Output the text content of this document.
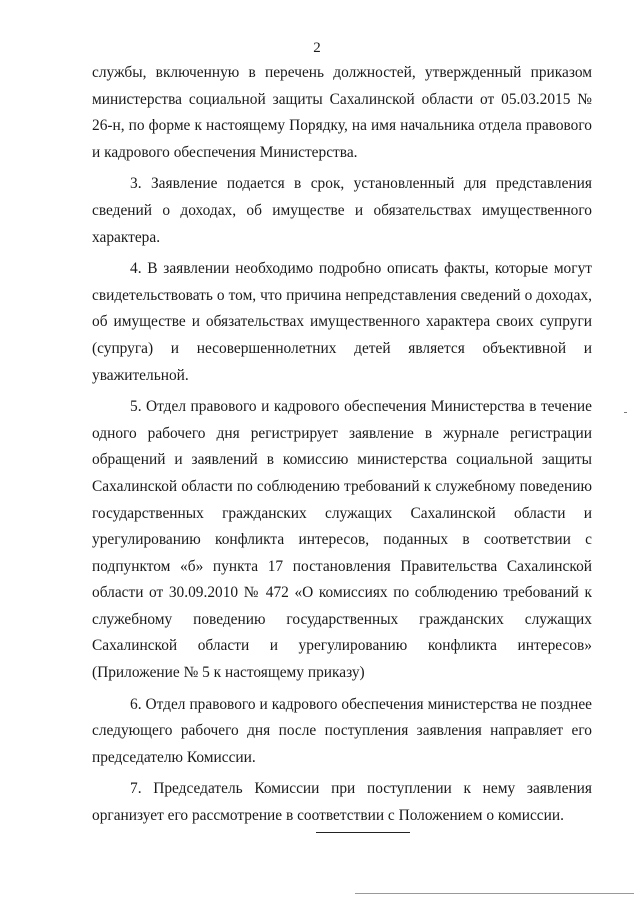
2

службы, включенную в перечень должностей, утвержденный приказом министерства социальной защиты Сахалинской области от 05.03.2015 № 26-н, по форме к настоящему Порядку, на имя начальника отдела правового и кадрового обеспечения Министерства.

3. Заявление подается в срок, установленный для представления сведений о доходах, об имуществе и обязательствах имущественного характера.

4. В заявлении необходимо подробно описать факты, которые могут свидетельствовать о том, что причина непредставления сведений о доходах, об имуществе и обязательствах имущественного характера своих супруги (супруга) и несовершеннолетних детей является объективной и уважительной.

5. Отдел правового и кадрового обеспечения Министерства в течение одного рабочего дня регистрирует заявление в журнале регистрации обращений и заявлений в комиссию министерства социальной защиты Сахалинской области по соблюдению требований к служебному поведению государственных гражданских служащих Сахалинской области и урегулированию конфликта интересов, поданных в соответствии с подпунктом «б» пункта 17 постановления Правительства Сахалинской области от 30.09.2010 № 472 «О комиссиях по соблюдению требований к служебному поведению государственных гражданских служащих Сахалинской области и урегулированию конфликта интересов» (Приложение № 5 к настоящему приказу)

6. Отдел правового и кадрового обеспечения министерства не позднее следующего рабочего дня после поступления заявления направляет его председателю Комиссии.

7. Председатель Комиссии при поступлении к нему заявления организует его рассмотрение в соответствии с Положением о комиссии.
